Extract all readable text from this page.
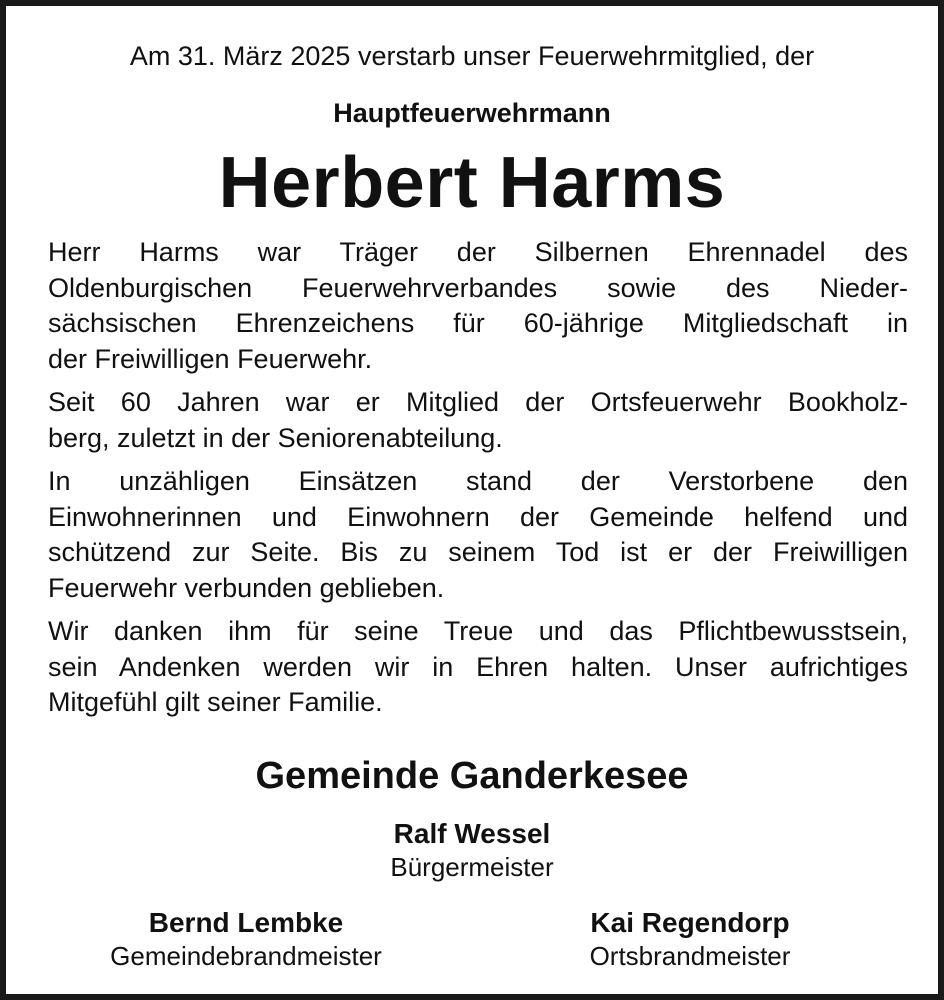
Am 31. März 2025 verstarb unser Feuerwehrmitglied, der
Hauptfeuerwehrmann
Herbert Harms

Herr Harms war Träger der Silbernen Ehrennadel des
Oldenburgischen Feuerwehrverbandes sowie des Nieder-
sächsischen Ehrenzeichens für 60-jährige Mitgliedschaft in
der Freiwilligen Feuerwehr.

Seit 60 Jahren war er Mitglied der Ortsfeuerwehr Bookholz-
berg, zuletzt in der Seniorenabteilung.

In unzähligen Einsätzen stand der Verstorbene den
Einwohnerinnen und Einwohnern der Gemeinde helfend und
schützend zur Seite. Bis zu seinem Tod ist er der Freiwilligen
Feuerwehr verbunden geblieben.

Wir danken ihm für seine Treue und das Pflichtbewusstsein,
sein Andenken werden wir in Ehren halten. Unser aufrichtiges
Mitgefühl gilt seiner Familie.

Gemeinde Ganderkesee
Ralf Wessel
Bürgermeister
Bernd Lembke
Gemeindebrandmeister
Kai Regendorp
Ortsbrandmeister
